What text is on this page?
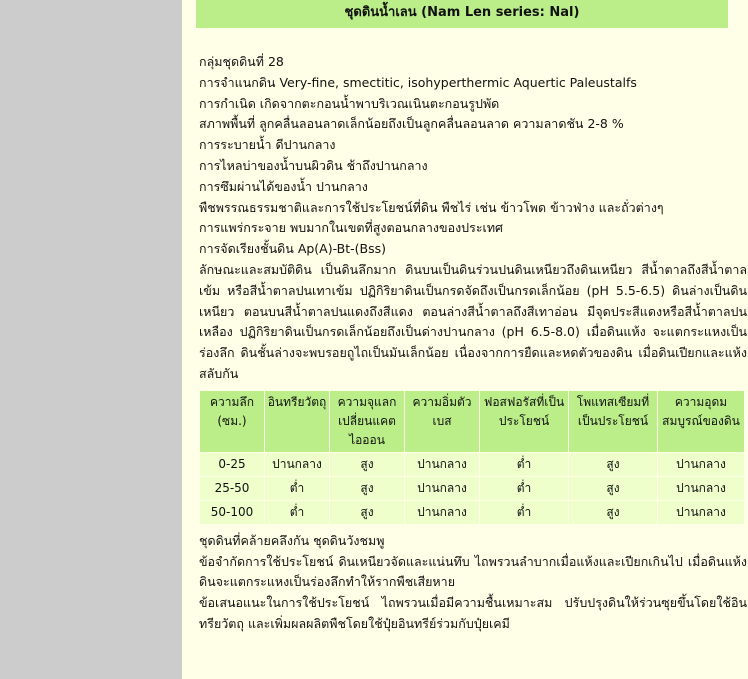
ชุดดินน้ำเลน (Nam Len series: Nal)
กลุ่มชุดดินที่ 28
การจำแนกดิน Very-fine, smectitic, isohyperthermic Aquertic Paleustalfs
การกำเนิด เกิดจากตะกอนน้ำพาบริเวณเนินตะกอนรูปพัด
สภาพพื้นที่ ลูกคลื่นลอนลาดเล็กน้อยถึงเป็นลูกคลื่นลอนลาด ความลาดชัน 2-8 %
การระบายน้ำ ดีปานกลาง
การไหลบ่าของน้ำบนผิวดิน ช้าถึงปานกลาง
การซึมผ่านได้ของน้ำ ปานกลาง
พืชพรรณธรรมชาติและการใช้ประโยชน์ที่ดิน พืชไร่ เช่น ข้าวโพด ข้าวฟ่าง และถั่วต่างๆ
การแพร่กระจาย พบมากในเขตที่สูงตอนกลางของประเทศ
การจัดเรียงชั้นดิน Ap(A)-Bt-(Bss)
ลักษณะและสมบัติดิน เป็นดินลึกมาก ดินบนเป็นดินร่วนปนดินเหนียวถึงดินเหนียว สีน้ำตาลถึงสีน้ำตาลเข้ม หรือสีน้ำตาลปนเทาเข้ม ปฏิกิริยาดินเป็นกรดจัดถึงเป็นกรดเล็กน้อย (pH 5.5-6.5) ดินล่างเป็นดินเหนียว ตอนบนสีน้ำตาลปนแดงถึงสีแดง ตอนล่างสีน้ำตาลถึงสีเทาอ่อน มีจุดประสีแดงหรือสีน้ำตาลปนเหลือง ปฏิกิริยาดินเป็นกรดเล็กน้อยถึงเป็นด่างปานกลาง (pH 6.5-8.0) เมื่อดินแห้ง จะแตกระแหงเป็นร่องลึก ดินชั้นล่างจะพบรอยถูไถเป็นมันเล็กน้อย เนื่องจากการยืดและหดตัวของดิน เมื่อดินเปียกและแห้งสลับกัน
ความลึก (ซม.)	อินทรียวัตถุ	ความจุแลกเปลี่ยนแคตไอออน	ความอิ่มตัวเบส	ฟอสฟอรัสที่เป็นประโยชน์	โพแทสเซียมที่เป็นประโยชน์	ความอุดมสมบูรณ์ของดิน
0-25	ปานกลาง	สูง	ปานกลาง	ต่ำ	สูง	ปานกลาง
25-50	ต่ำ	สูง	ปานกลาง	ต่ำ	สูง	ปานกลาง
50-100	ต่ำ	สูง	ปานกลาง	ต่ำ	สูง	ปานกลาง
ชุดดินที่คล้ายคลึงกัน ชุดดินวังชมพู
ข้อจำกัดการใช้ประโยชน์ ดินเหนียวจัดและแน่นทึบ ไถพรวนลำบากเมื่อแห้งและเปียกเกินไป เมื่อดินแห้ง ดินจะแตกระแหงเป็นร่องลึกทำให้รากพืชเสียหาย
ข้อเสนอแนะในการใช้ประโยชน์ ไถพรวนเมื่อมีความชื้นเหมาะสม ปรับปรุงดินให้ร่วนซุยขึ้นโดยใช้อินทรียวัตถุ และเพิ่มผลผลิตพืชโดยใช้ปุ๋ยอินทรีย์ร่วมกับปุ๋ยเคมี
